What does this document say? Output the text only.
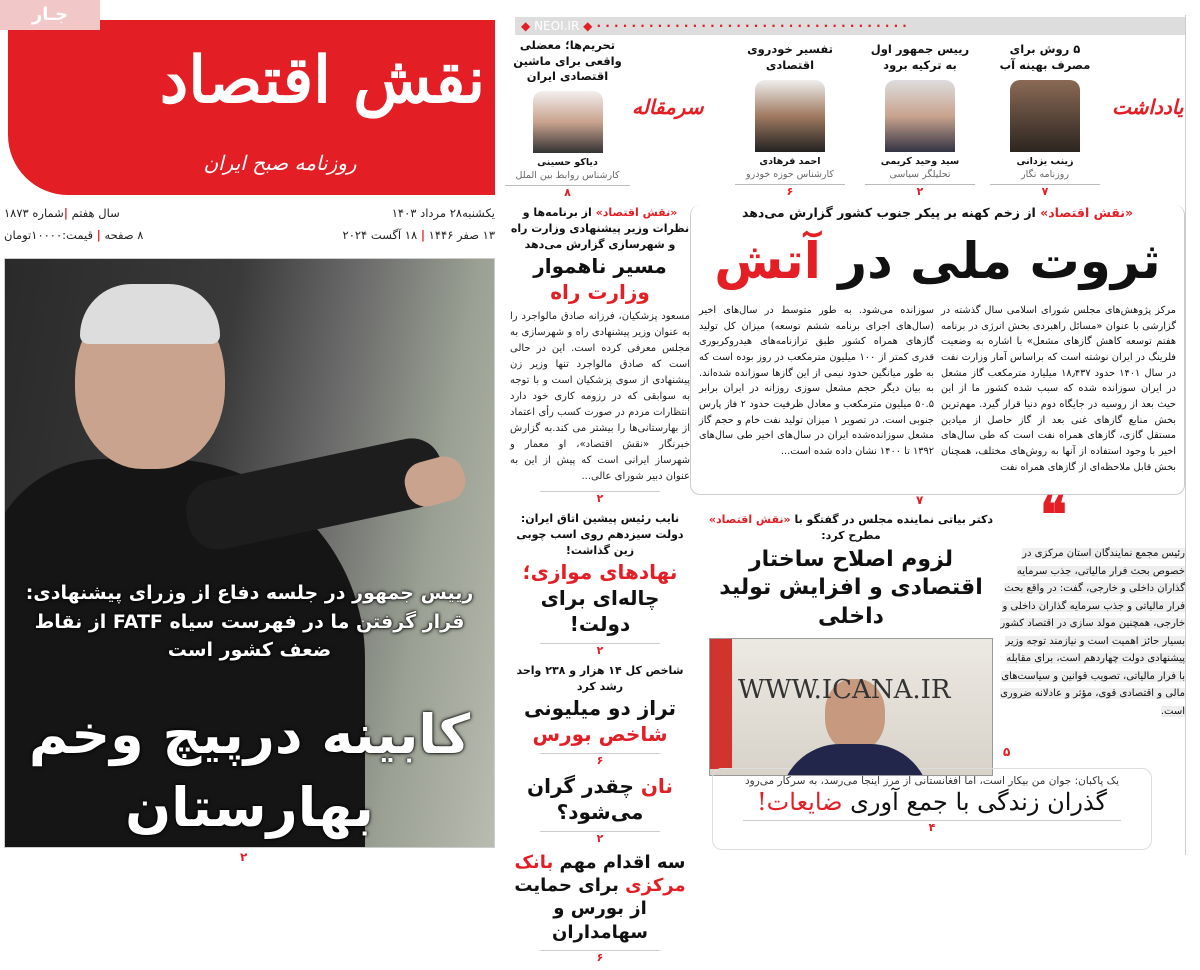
نقش اقتصاد
روزنامه صبح ایران
جـار
یکشنبه۲۸ مرداد ۱۴۰۳
۱۳ صفر ۱۴۴۶ | ۱۸ آگست ۲۰۲۴
سال هفتم |شماره ۱۸۷۳
۸ صفحه | قیمت:۱۰۰۰۰تومان
رییس جمهور در جلسه دفاع از وزرای پیشنهادی: قرار گرفتن ما در فهرست سیاه FATF از نقاط ضعف کشور است
کابینه درپیچ وخم
بهارستان
۲
◆ NEOI.IR ◆ · · · · · · · · · · · · · · · · · · · · · · · · · · · · · · · · · · · ·
یادداشت
سرمقاله
۵ روش برای مصرف بهینه آب
زینب یزدانی
روزنامه نگار
۷
رییس جمهور اول به ترکیه برود
سید وحید کریمی
تحلیلگر سیاسی
۲
تفسیر خودروی اقتصادی
احمد فرهادی
کارشناس حوزه خودرو
۶
تحریم‌ها؛ معضلی واقعی برای ماشین اقتصادی ایران
دیاکو حسینی
کارشناس روابط بین الملل
۸
«نقش اقتصاد» از برنامه‌ها و نظرات وزیر پیشنهادی وزارت راه و شهرسازی گزارش می‌دهد
مسیر ناهموار
وزارت راه
مسعود پزشکیان، فرزانه صادق مالواجرد را به عنوان وزیر پیشنهادی راه و شهرسازی به مجلس معرفی کرده است. این در حالی است که صادق مالواجرد تنها وزیر زن پیشنهادی از سوی پزشکیان است و با توجه به سوابقی که در رزومه کاری خود دارد انتظارات مردم در صورت کسب رأی اعتماد از بهارستانی‌ها را بیشتر می کند.به گزارش خبرنگار «نقش اقتصاد»، او معمار و شهرساز ایرانی است که پیش از این به عنوان دبیر شورای عالی...
۲
نایب رئیس پیشین اتاق ایران: دولت سیزدهم روی اسب چوبی زین گذاشت!
نهادهای موازی؛
چاله‌ای برای دولت!
۲
شاخص کل ۱۴ هزار و ۲۳۸ واحد رشد کرد
تراز دو میلیونی
شاخص بورس
۶
نان چقدر گران می‌شود؟
۲
سه اقدام مهم بانک مرکزی برای حمایت از بورس و سهامداران
۶
«نقش اقتصاد» از زخم کهنه بر پیکر جنوب کشور گزارش می‌دهد
ثروت ملی در آتش
مرکز پژوهش‌های مجلس شورای اسلامی سال گذشته در گزارشی با عنوان «مسائل راهبردی بخش انرژی در برنامه هفتم توسعه کاهش گازهای مشعل» با اشاره به وضعیت فلرینگ در ایران نوشته است که براساس آمار وزارت نفت در سال ۱۴۰۱ حدود ۱۸٫۴۳۷ میلیارد مترمکعب گاز مشعل در ایران سوزانده شده که سبب شده کشور ما از این حیث بعد از روسیه در جایگاه دوم دنیا قرار گیرد. مهم‌ترین بخش منابع گازهای غنی بعد از گاز حاصل از میادین مستقل گازی، گازهای همراه نفت است که طی سال‌های اخیر با وجود استفاده از آنها به روش‌های مختلف، همچنان بخش قابل ملاحظه‌ای از گازهای همراه نفت
سوزانده می‌شود. به طور متوسط در سال‌های اخیر (سال‌های اجرای برنامه ششم توسعه) میزان کل تولید گازهای همراه کشور طبق ترازنامه‌های هیدروکربوری قدری کمتر از ۱۰۰ میلیون مترمکعب در روز بوده است که به طور میانگین حدود نیمی از این گازها سوزانده شده‌اند. به بیان دیگر حجم مشعل سوزی روزانه در ایران برابر ۵۰.۵ میلیون مترمکعب و معادل ظرفیت حدود ۲ فاز پارس جنوبی است. در تصویر ۱ میزان تولید نفت خام و حجم گاز مشعل سوزانده‌شده ایران در سال‌های اخیر طی سال‌های ۱۳۹۲ تا ۱۴۰۰ نشان داده شده است...
۷ ❝
دکتر بیاتی نماینده مجلس در گفتگو با «نقش اقتصاد» مطرح کرد:
لزوم اصلاح ساختار اقتصادی و افزایش تولید داخلی
WWW.ICANA.IR
۵
رئیس مجمع نمایندگان استان مرکزی در خصوص بحث فرار مالیاتی، جذب سرمایه گذاران داخلی و خارجی، گفت: در واقع بحث فرار مالیاتی و جذب سرمایه گذاران داخلی و خارجی، همچنین مولد سازی در اقتصاد کشور بسیار حائز اهمیت است و نیازمند توجه وزیر پیشنهادی دولت چهاردهم است، برای مقابله با فرار مالیاتی، تصویب قوانین و سیاست‌های مالی و اقتصادی قوی، مؤثر و عادلانه ضروری است.
یک پاکبان: جوان من بیکار است، اما افغانستانی از مرز اینجا می‌رسد، به سرکار می‌رود
گذران زندگی با جمع آوری ضایعات!
۴
